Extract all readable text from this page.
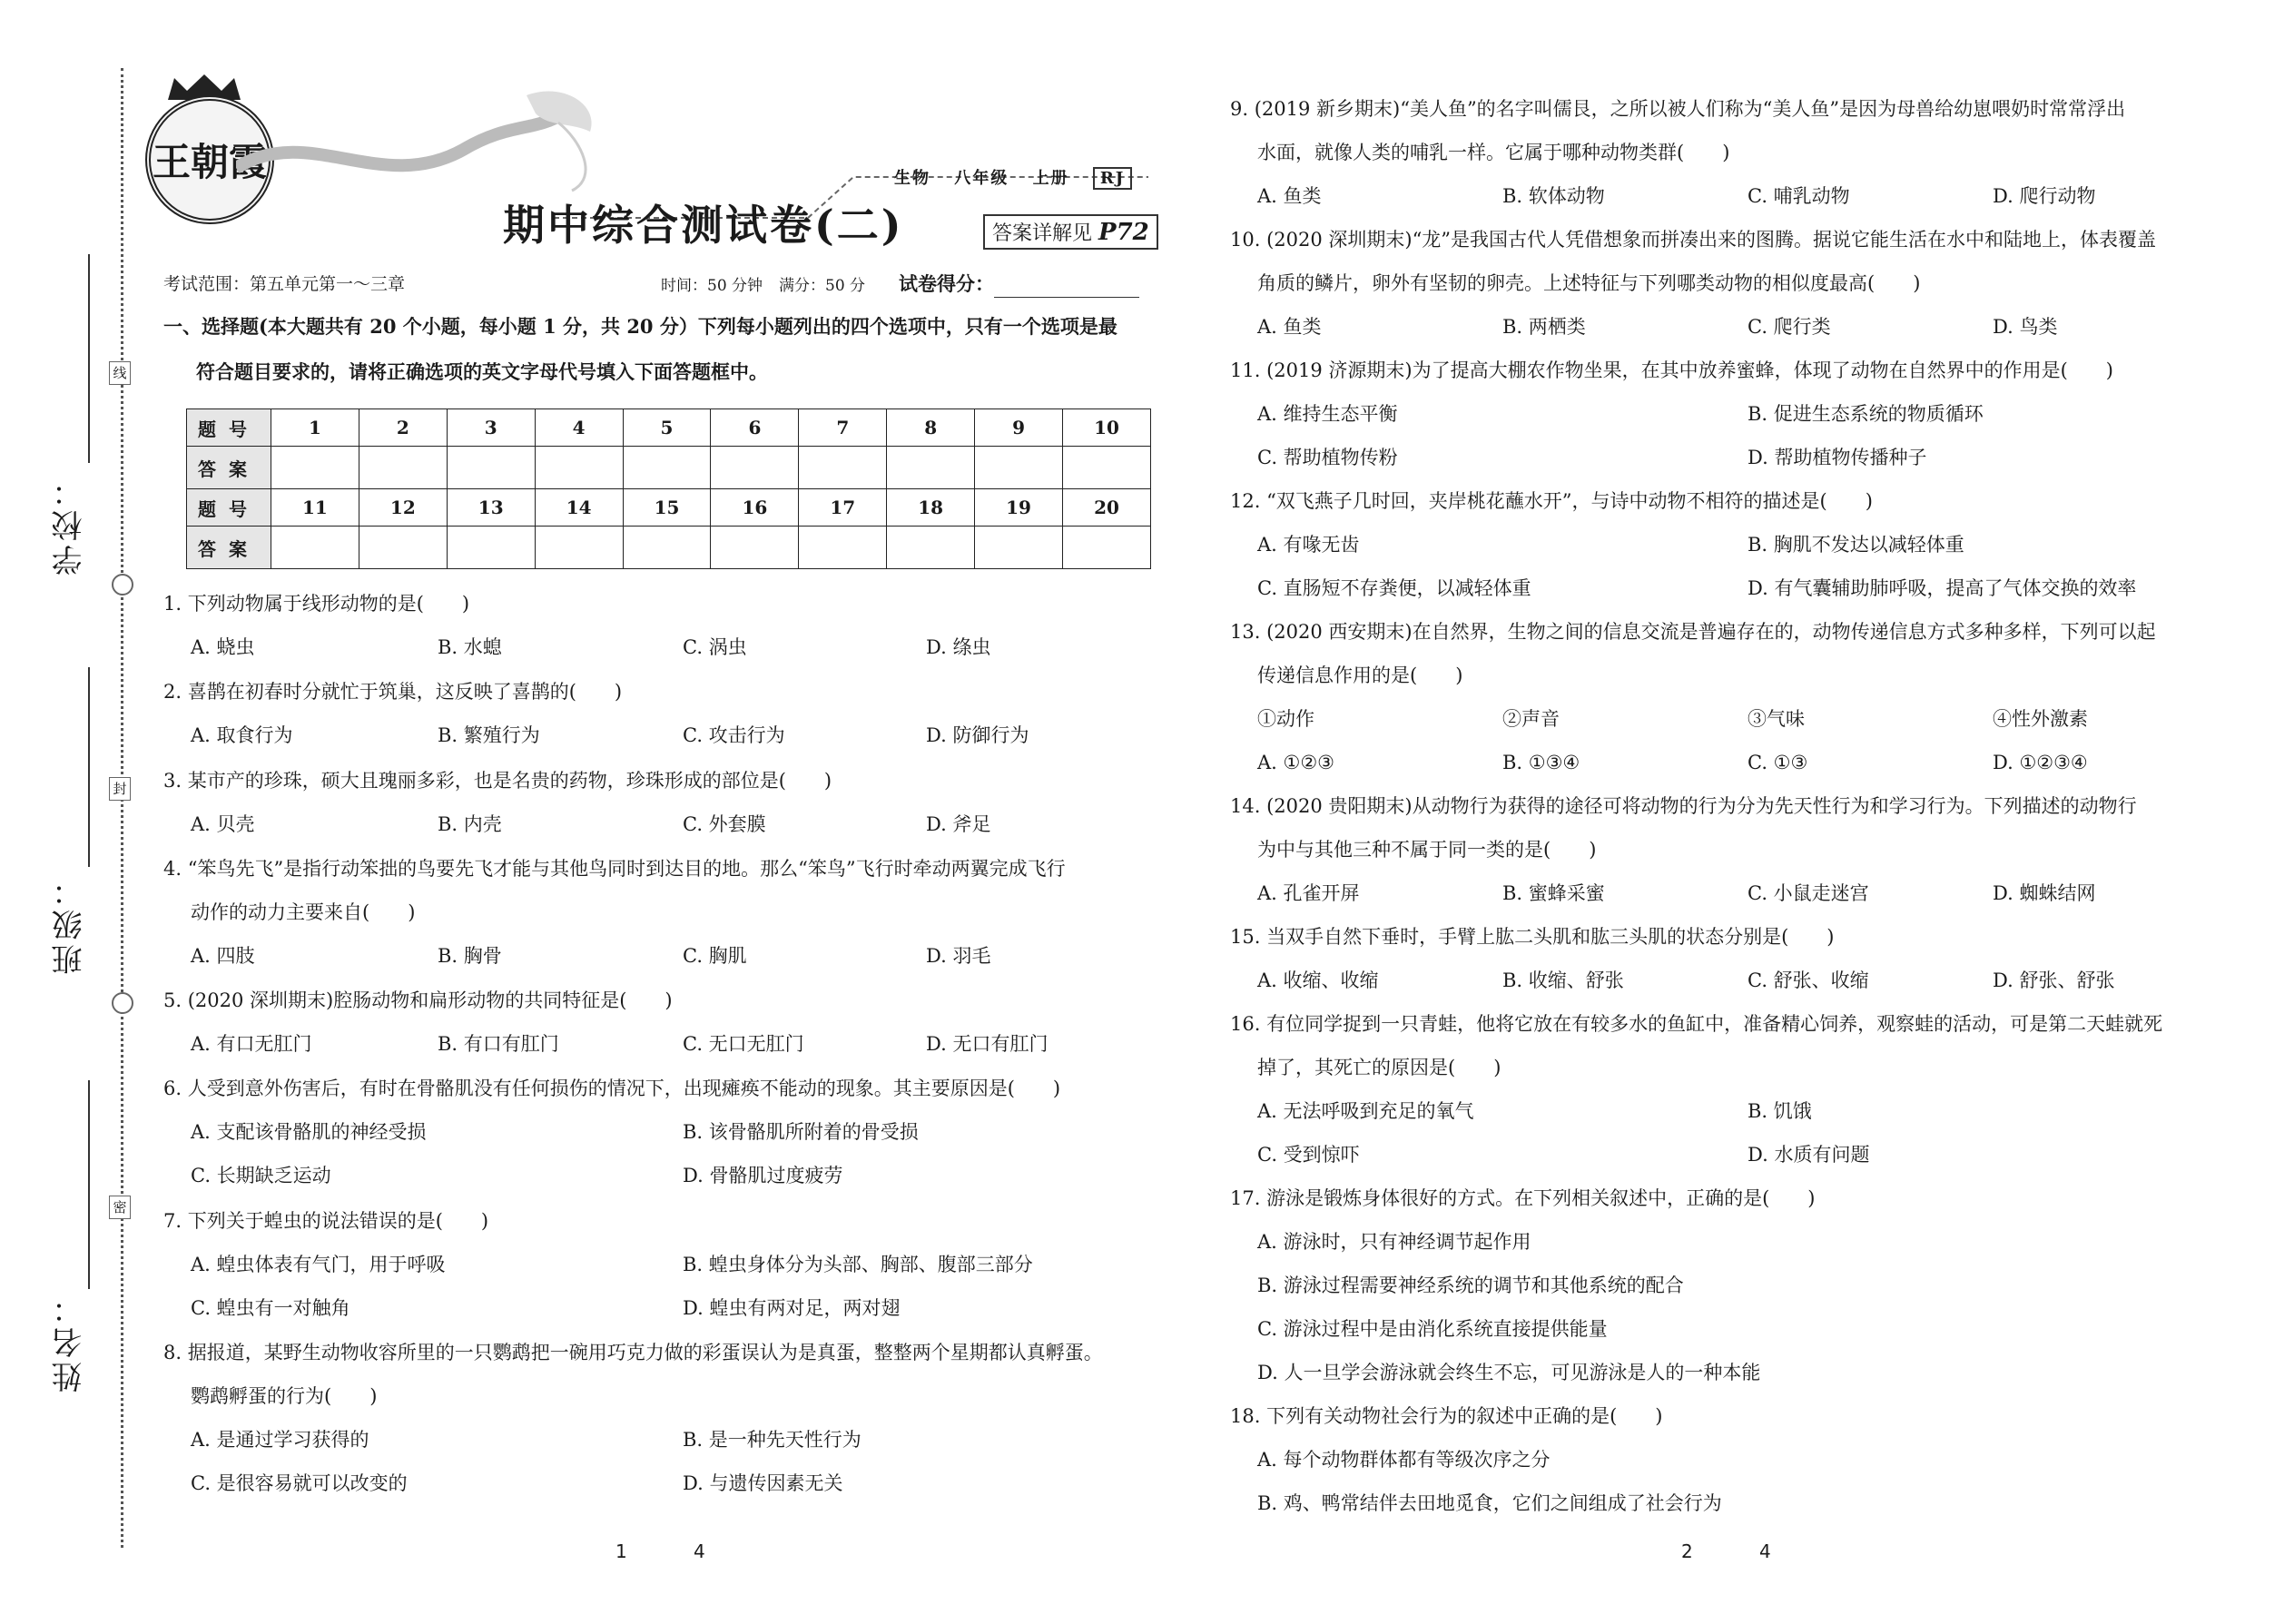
学校：
班级：
姓名：
线
封
密
王朝霞	生物 八年级 上册 RJ
期中综合测试卷(二)	答案详解见 P72
考试范围：第五单元第一～三章	时间：50 分钟 满分：50 分 试卷得分：
一、选择题(本大题共有 20 个小题，每小题 1 分，共 20 分）下列每小题列出的四个选项中，只有一个选项是最
符合题目要求的，请将正确选项的英文字母代号填入下面答题框中。
题号	1	2	3	4	5	6	7	8	9	10
答案										
题号	11	12	13	14	15	16	17	18	19	20
答案										
1. 下列动物属于线形动物的是(　　)
A. 蛲虫	B. 水螅	C. 涡虫	D. 绦虫
2. 喜鹊在初春时分就忙于筑巢，这反映了喜鹊的(　　)
A. 取食行为	B. 繁殖行为	C. 攻击行为	D. 防御行为
3. 某市产的珍珠，硕大且瑰丽多彩，也是名贵的药物，珍珠形成的部位是(　　)
A. 贝壳	B. 内壳	C. 外套膜	D. 斧足
4. “笨鸟先飞”是指行动笨拙的鸟要先飞才能与其他鸟同时到达目的地。那么“笨鸟”飞行时牵动两翼完成飞行
动作的动力主要来自(　　)
A. 四肢	B. 胸骨	C. 胸肌	D. 羽毛
5. (2020 深圳期末)腔肠动物和扁形动物的共同特征是(　　)
A. 有口无肛门	B. 有口有肛门	C. 无口无肛门	D. 无口有肛门
6. 人受到意外伤害后，有时在骨骼肌没有任何损伤的情况下，出现瘫痪不能动的现象。其主要原因是(　　)
A. 支配该骨骼肌的神经受损	B. 该骨骼肌所附着的骨受损
C. 长期缺乏运动	D. 骨骼肌过度疲劳
7. 下列关于蝗虫的说法错误的是(　　)
A. 蝗虫体表有气门，用于呼吸	B. 蝗虫身体分为头部、胸部、腹部三部分
C. 蝗虫有一对触角	D. 蝗虫有两对足，两对翅
8. 据报道，某野生动物收容所里的一只鹦鹉把一碗用巧克力做的彩蛋误认为是真蛋，整整两个星期都认真孵蛋。
鹦鹉孵蛋的行为(　　)
A. 是通过学习获得的	B. 是一种先天性行为
C. 是很容易就可以改变的	D. 与遗传因素无关
9. (2019 新乡期末)“美人鱼”的名字叫儒艮，之所以被人们称为“美人鱼”是因为母兽给幼崽喂奶时常常浮出
水面，就像人类的哺乳一样。它属于哪种动物类群(　　)
A. 鱼类	B. 软体动物	C. 哺乳动物	D. 爬行动物
10. (2020 深圳期末)“龙”是我国古代人凭借想象而拼凑出来的图腾。据说它能生活在水中和陆地上，体表覆盖
角质的鳞片，卵外有坚韧的卵壳。上述特征与下列哪类动物的相似度最高(　　)
A. 鱼类	B. 两栖类	C. 爬行类	D. 鸟类
11. (2019 济源期末)为了提高大棚农作物坐果，在其中放养蜜蜂，体现了动物在自然界中的作用是(　　)
A. 维持生态平衡	B. 促进生态系统的物质循环
C. 帮助植物传粉	D. 帮助植物传播种子
12. “双飞燕子几时回，夹岸桃花蘸水开”，与诗中动物不相符的描述是(　　)
A. 有喙无齿	B. 胸肌不发达以减轻体重
C. 直肠短不存粪便，以减轻体重	D. 有气囊辅助肺呼吸，提高了气体交换的效率
13. (2020 西安期末)在自然界，生物之间的信息交流是普遍存在的，动物传递信息方式多种多样，下列可以起
传递信息作用的是(　　)
①动作	②声音	③气味	④性外激素
A. ①②③	B. ①③④	C. ①③	D. ①②③④
14. (2020 贵阳期末)从动物行为获得的途径可将动物的行为分为先天性行为和学习行为。下列描述的动物行
为中与其他三种不属于同一类的是(　　)
A. 孔雀开屏	B. 蜜蜂采蜜	C. 小鼠走迷宫	D. 蜘蛛结网
15. 当双手自然下垂时，手臂上肱二头肌和肱三头肌的状态分别是(　　)
A. 收缩、收缩	B. 收缩、舒张	C. 舒张、收缩	D. 舒张、舒张
16. 有位同学捉到一只青蛙，他将它放在有较多水的鱼缸中，准备精心饲养，观察蛙的活动，可是第二天蛙就死
掉了，其死亡的原因是(　　)
A. 无法呼吸到充足的氧气	B. 饥饿
C. 受到惊吓	D. 水质有问题
17. 游泳是锻炼身体很好的方式。在下列相关叙述中，正确的是(　　)
A. 游泳时，只有神经调节起作用
B. 游泳过程需要神经系统的调节和其他系统的配合
C. 游泳过程中是由消化系统直接提供能量
D. 人一旦学会游泳就会终生不忘，可见游泳是人的一种本能
18. 下列有关动物社会行为的叙述中正确的是(　　)
A. 每个动物群体都有等级次序之分
B. 鸡、鸭常结伴去田地觅食，它们之间组成了社会行为
1	4	2	4
